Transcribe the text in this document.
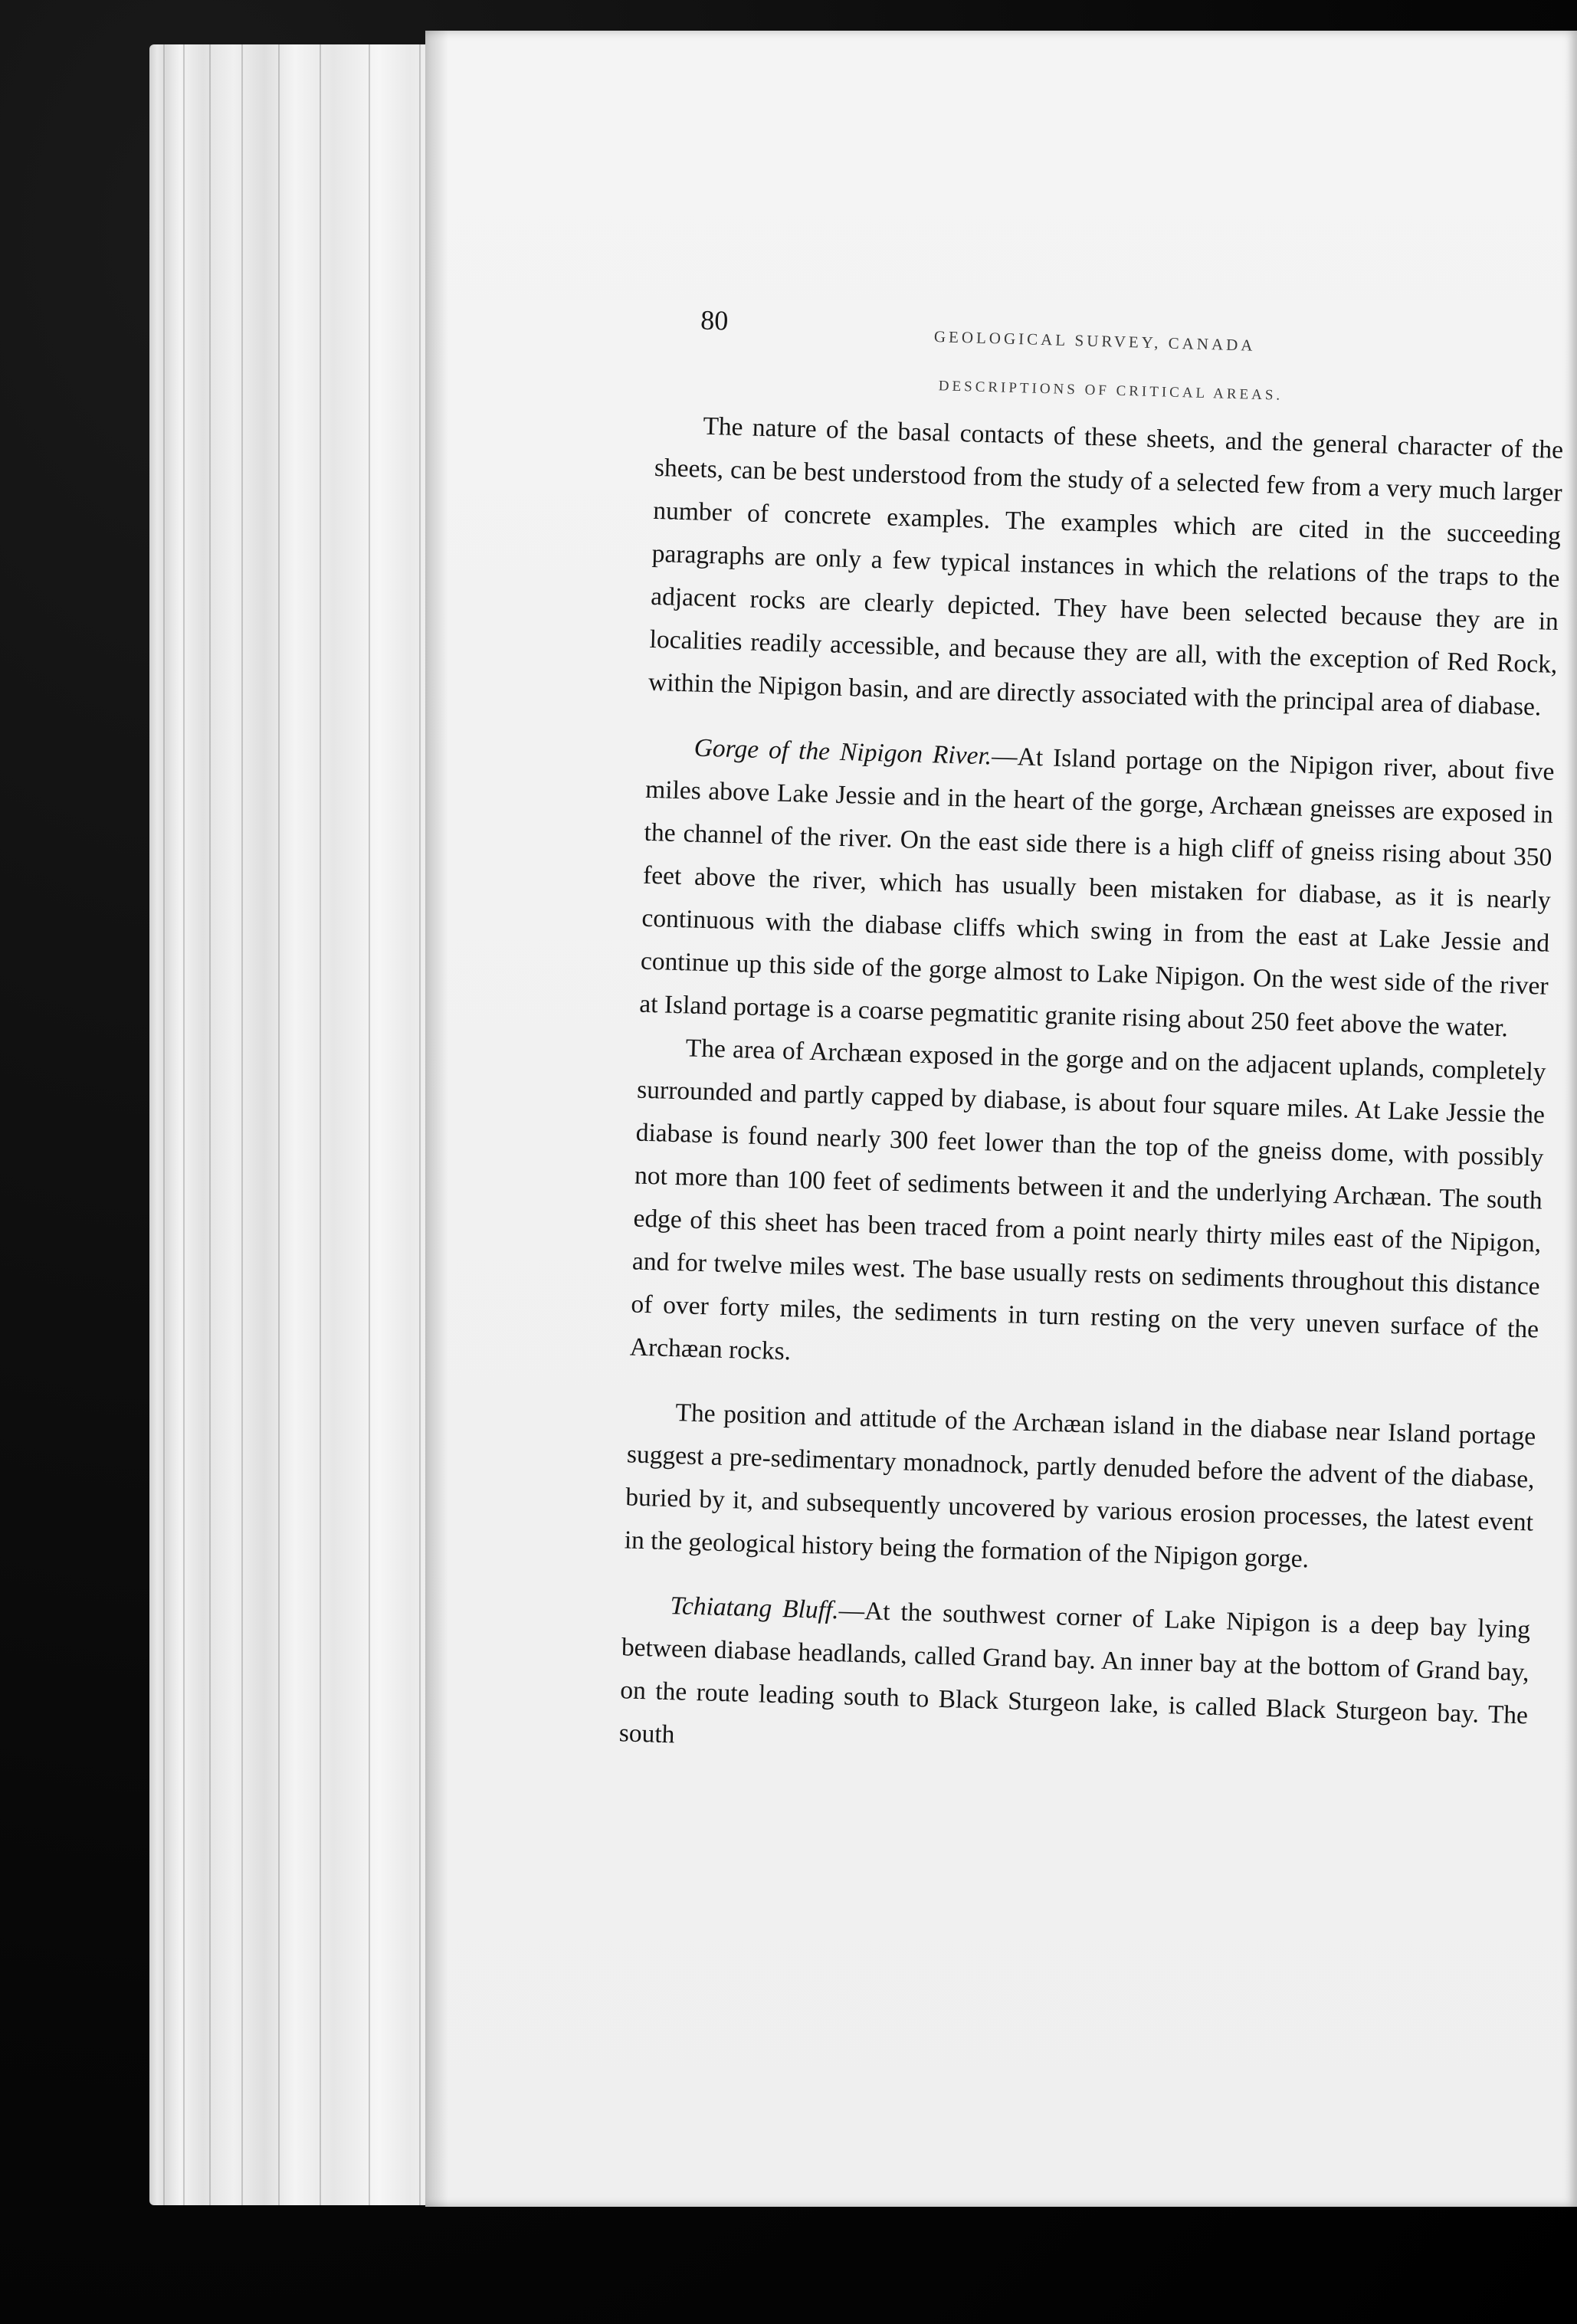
80
GEOLOGICAL SURVEY, CANADA
DESCRIPTIONS OF CRITICAL AREAS.

The nature of the basal contacts of these sheets, and the general character of the sheets, can be best understood from the study of a selected few from a very much larger number of concrete examples. The examples which are cited in the succeeding paragraphs are only a few typical instances in which the relations of the traps to the adjacent rocks are clearly depicted. They have been selected because they are in localities readily accessible, and because they are all, with the exception of Red Rock, within the Nipigon basin, and are directly associated with the principal area of diabase.

Gorge of the Nipigon River.—At Island portage on the Nipigon river, about five miles above Lake Jessie and in the heart of the gorge, Archæan gneisses are exposed in the channel of the river. On the east side there is a high cliff of gneiss rising about 350 feet above the river, which has usually been mistaken for diabase, as it is nearly continuous with the diabase cliffs which swing in from the east at Lake Jessie and continue up this side of the gorge almost to Lake Nipigon. On the west side of the river at Island portage is a coarse pegmatitic granite rising about 250 feet above the water.

The area of Archæan exposed in the gorge and on the adjacent uplands, completely surrounded and partly capped by diabase, is about four square miles. At Lake Jessie the diabase is found nearly 300 feet lower than the top of the gneiss dome, with possibly not more than 100 feet of sediments between it and the underlying Archæan. The south edge of this sheet has been traced from a point nearly thirty miles east of the Nipigon, and for twelve miles west. The base usually rests on sediments throughout this distance of over forty miles, the sediments in turn resting on the very uneven surface of the Archæan rocks.

The position and attitude of the Archæan island in the diabase near Island portage suggest a pre-sedimentary monadnock, partly denuded before the advent of the diabase, buried by it, and subsequently uncovered by various erosion processes, the latest event in the geological history being the formation of the Nipigon gorge.

Tchiatang Bluff.—At the southwest corner of Lake Nipigon is a deep bay lying between diabase headlands, called Grand bay. An inner bay at the bottom of Grand bay, on the route leading south to Black Sturgeon lake, is called Black Sturgeon bay. The south
